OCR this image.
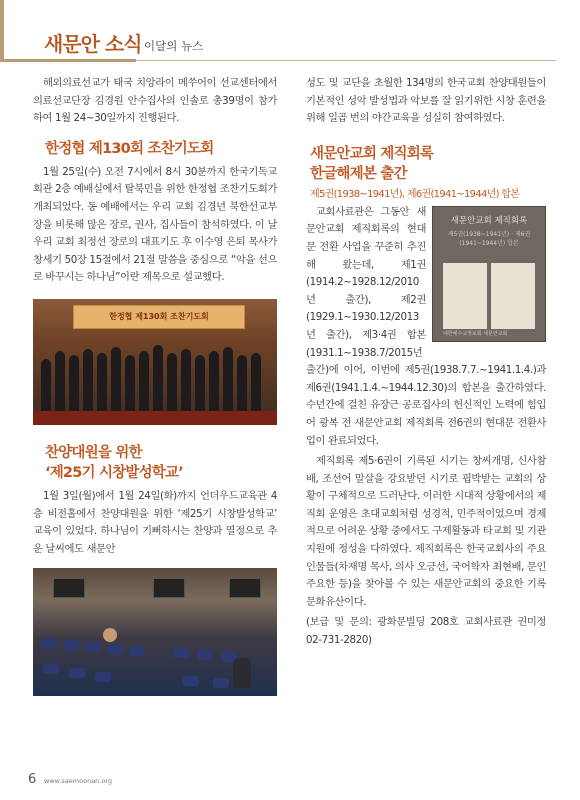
새문안 소식 이달의 뉴스

해외의료선교가 태국 치앙라이 메쑤어이 선교센터에서 의료선교단장 김경원 안수집사의 인솔로 총39명이 참가하여 1월 24~30일까지 진행된다.

한정협 제130회 조찬기도회

1월 25일(수) 오전 7시에서 8시 30분까지 한국기독교회관 2층 예배실에서 탈북민을 위한 한정협 조찬기도회가 개최되었다. 동 예배에서는 우리 교회 김경년 북한선교부장을 비롯해 많은 장로, 권사, 집사들이 참석하였다. 이 날 우리 교회 최정선 장로의 대표기도 후 이수영 은퇴 목사가 창세기 50장 15절에서 21절 말씀을 중심으로 “악을 선으로 바꾸시는 하나님”이란 제목으로 설교했다.

한정협 제130회 조찬기도회
찬양대원을 위한
‘제25기 시창발성학교’

1월 3일(월)에서 1월 24일(화)까지 언더우드교육관 4층 비전홀에서 찬양대원을 위한 ‘제25기 시창발성학교’ 교육이 있었다. 하나님이 기뻐하시는 찬양과 열정으로 추운 날씨에도 새문안

성도 및 교단을 초월한 134명의 한국교회 찬양대원들이 기본적인 성악 발성법과 악보를 잘 읽기위한 시창 훈련을 위해 일곱 번의 야간교육을 성실히 참여하였다.

새문안교회 제직회록
한글해제본 출간
제5권(1938~1941년), 제6권(1941~1944년) 합본
새문안교회 제직회록
제5권(1938~1941년) · 제6권(1941~1944년) 합본
대한예수교장로회 새문안교회

교회사료관은 그동안 새문안교회 제직회록의 현대문 전환 사업을 꾸준히 추진해 왔는데, 제1권(1914.2~1928.12/2010년 출간), 제2권(1929.1~1930.12/2013년 출간), 제3·4권 합본(1931.1~1938.7/2015년 출간)에 이어, 이번에 제5권(1938.7.7.~1941.1.4.)과 제6권(1941.1.4.~1944.12.30)의 합본을 출간하였다. 수년간에 걸친 유장근 공로집사의 헌신적인 노력에 힘입어 광복 전 새문안교회 제직회록 전6권의 현대문 전환사업이 완료되었다.

제직회록 제5·6권이 기록된 시기는 창씨개명, 신사참배, 조선어 말살을 강요받던 시기로 핍박받는 교회의 상황이 구체적으로 드러난다. 이러한 시대적 상황에서의 제직회 운영은 초대교회처럼 성경적, 민주적이었으며 경제적으로 어려운 상황 중에서도 구제활동과 타교회 및 기관 지원에 정성을 다하였다. 제직회록은 한국교회사의 주요 인물들(차재명 목사, 의사 오긍선, 국어학자 최현배, 문인 주요한 등)을 찾아볼 수 있는 새문안교회의 중요한 기록문화유산이다.

(보급 및 문의: 광화문빌딩 208호 교회사료관 권미정 02-731-2820)

6 www.saemoonan.org
